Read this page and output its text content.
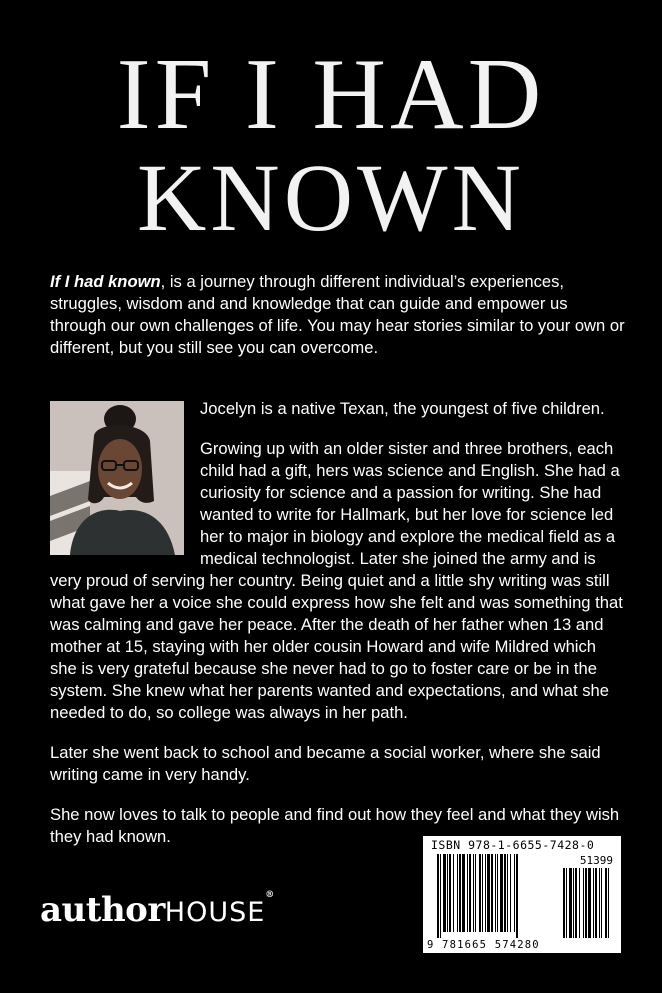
IF I HAD
KNOWN

If I had known, is a journey through different individual’s experiences, struggles, wisdom and and knowledge that can guide and empower us through our own challenges of life. You may hear stories similar to your own or different, but you still see you can overcome.

Jocelyn is a native Texan, the youngest of five children.

Growing up with an older sister and three brothers, each child had a gift, hers was science and English. She had a curiosity for science and a passion for writing. She had wanted to write for Hallmark, but her love for science led her to major in biology and explore the medical field as a medical technologist. Later she joined the army and is very proud of serving her country. Being quiet and a little shy writing was still what gave her a voice she could express how she felt and was something that was calming and gave her peace. After the death of her father when 13 and mother at 15, staying with her older cousin Howard and wife Mildred which she is very grateful because she never had to go to foster care or be in the system. She knew what her parents wanted and expectations, and what she needed to do, so college was always in her path.

Later she went back to school and became a social worker, where she said writing came in very handy.

She now loves to talk to people and find out how they feel and what they wish they had known.

authorHOUSE®
ISBN 978-1-6655-7428-0
51399
9 781665 574280
